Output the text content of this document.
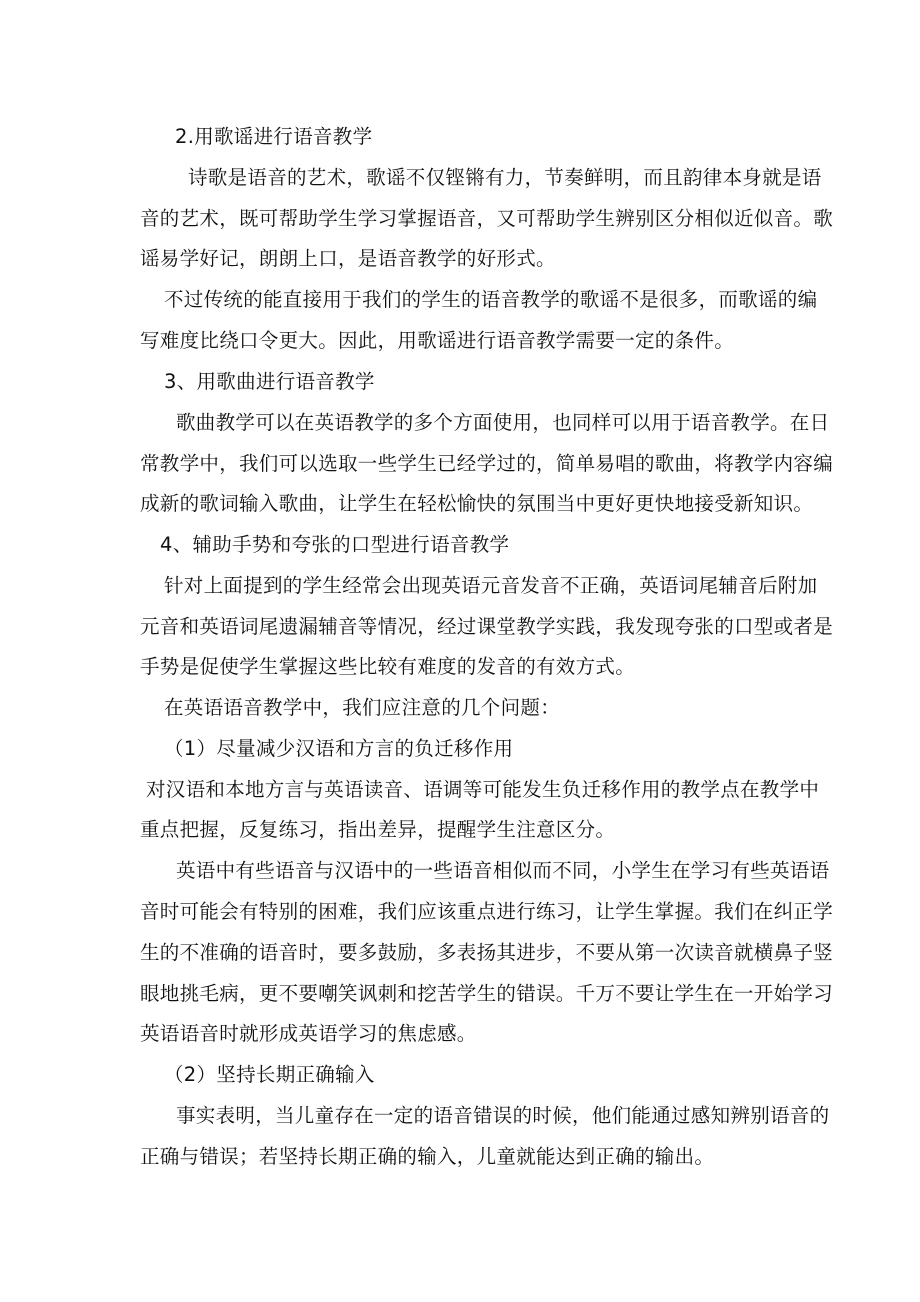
2.用歌谣进行语音教学
诗歌是语音的艺术，歌谣不仅铿锵有力，节奏鲜明，而且韵律本身就是语
音的艺术，既可帮助学生学习掌握语音，又可帮助学生辨别区分相似近似音。歌
谣易学好记，朗朗上口，是语音教学的好形式。
不过传统的能直接用于我们的学生的语音教学的歌谣不是很多，而歌谣的编
写难度比绕口令更大。因此，用歌谣进行语音教学需要一定的条件。
3、用歌曲进行语音教学
歌曲教学可以在英语教学的多个方面使用，也同样可以用于语音教学。在日
常教学中，我们可以选取一些学生已经学过的，简单易唱的歌曲，将教学内容编
成新的歌词输入歌曲，让学生在轻松愉快的氛围当中更好更快地接受新知识。
4、辅助手势和夸张的口型进行语音教学
针对上面提到的学生经常会出现英语元音发音不正确，英语词尾辅音后附加
元音和英语词尾遗漏辅音等情况，经过课堂教学实践，我发现夸张的口型或者是
手势是促使学生掌握这些比较有难度的发音的有效方式。
在英语语音教学中，我们应注意的几个问题：
（1）尽量减少汉语和方言的负迁移作用
对汉语和本地方言与英语读音、语调等可能发生负迁移作用的教学点在教学中
重点把握，反复练习，指出差异，提醒学生注意区分。
英语中有些语音与汉语中的一些语音相似而不同，小学生在学习有些英语语
音时可能会有特别的困难，我们应该重点进行练习，让学生掌握。我们在纠正学
生的不准确的语音时，要多鼓励，多表扬其进步，不要从第一次读音就横鼻子竖
眼地挑毛病，更不要嘲笑讽刺和挖苦学生的错误。千万不要让学生在一开始学习
英语语音时就形成英语学习的焦虑感。
（2）坚持长期正确输入
事实表明，当儿童存在一定的语音错误的时候，他们能通过感知辨别语音的
正确与错误；若坚持长期正确的输入，儿童就能达到正确的输出。
